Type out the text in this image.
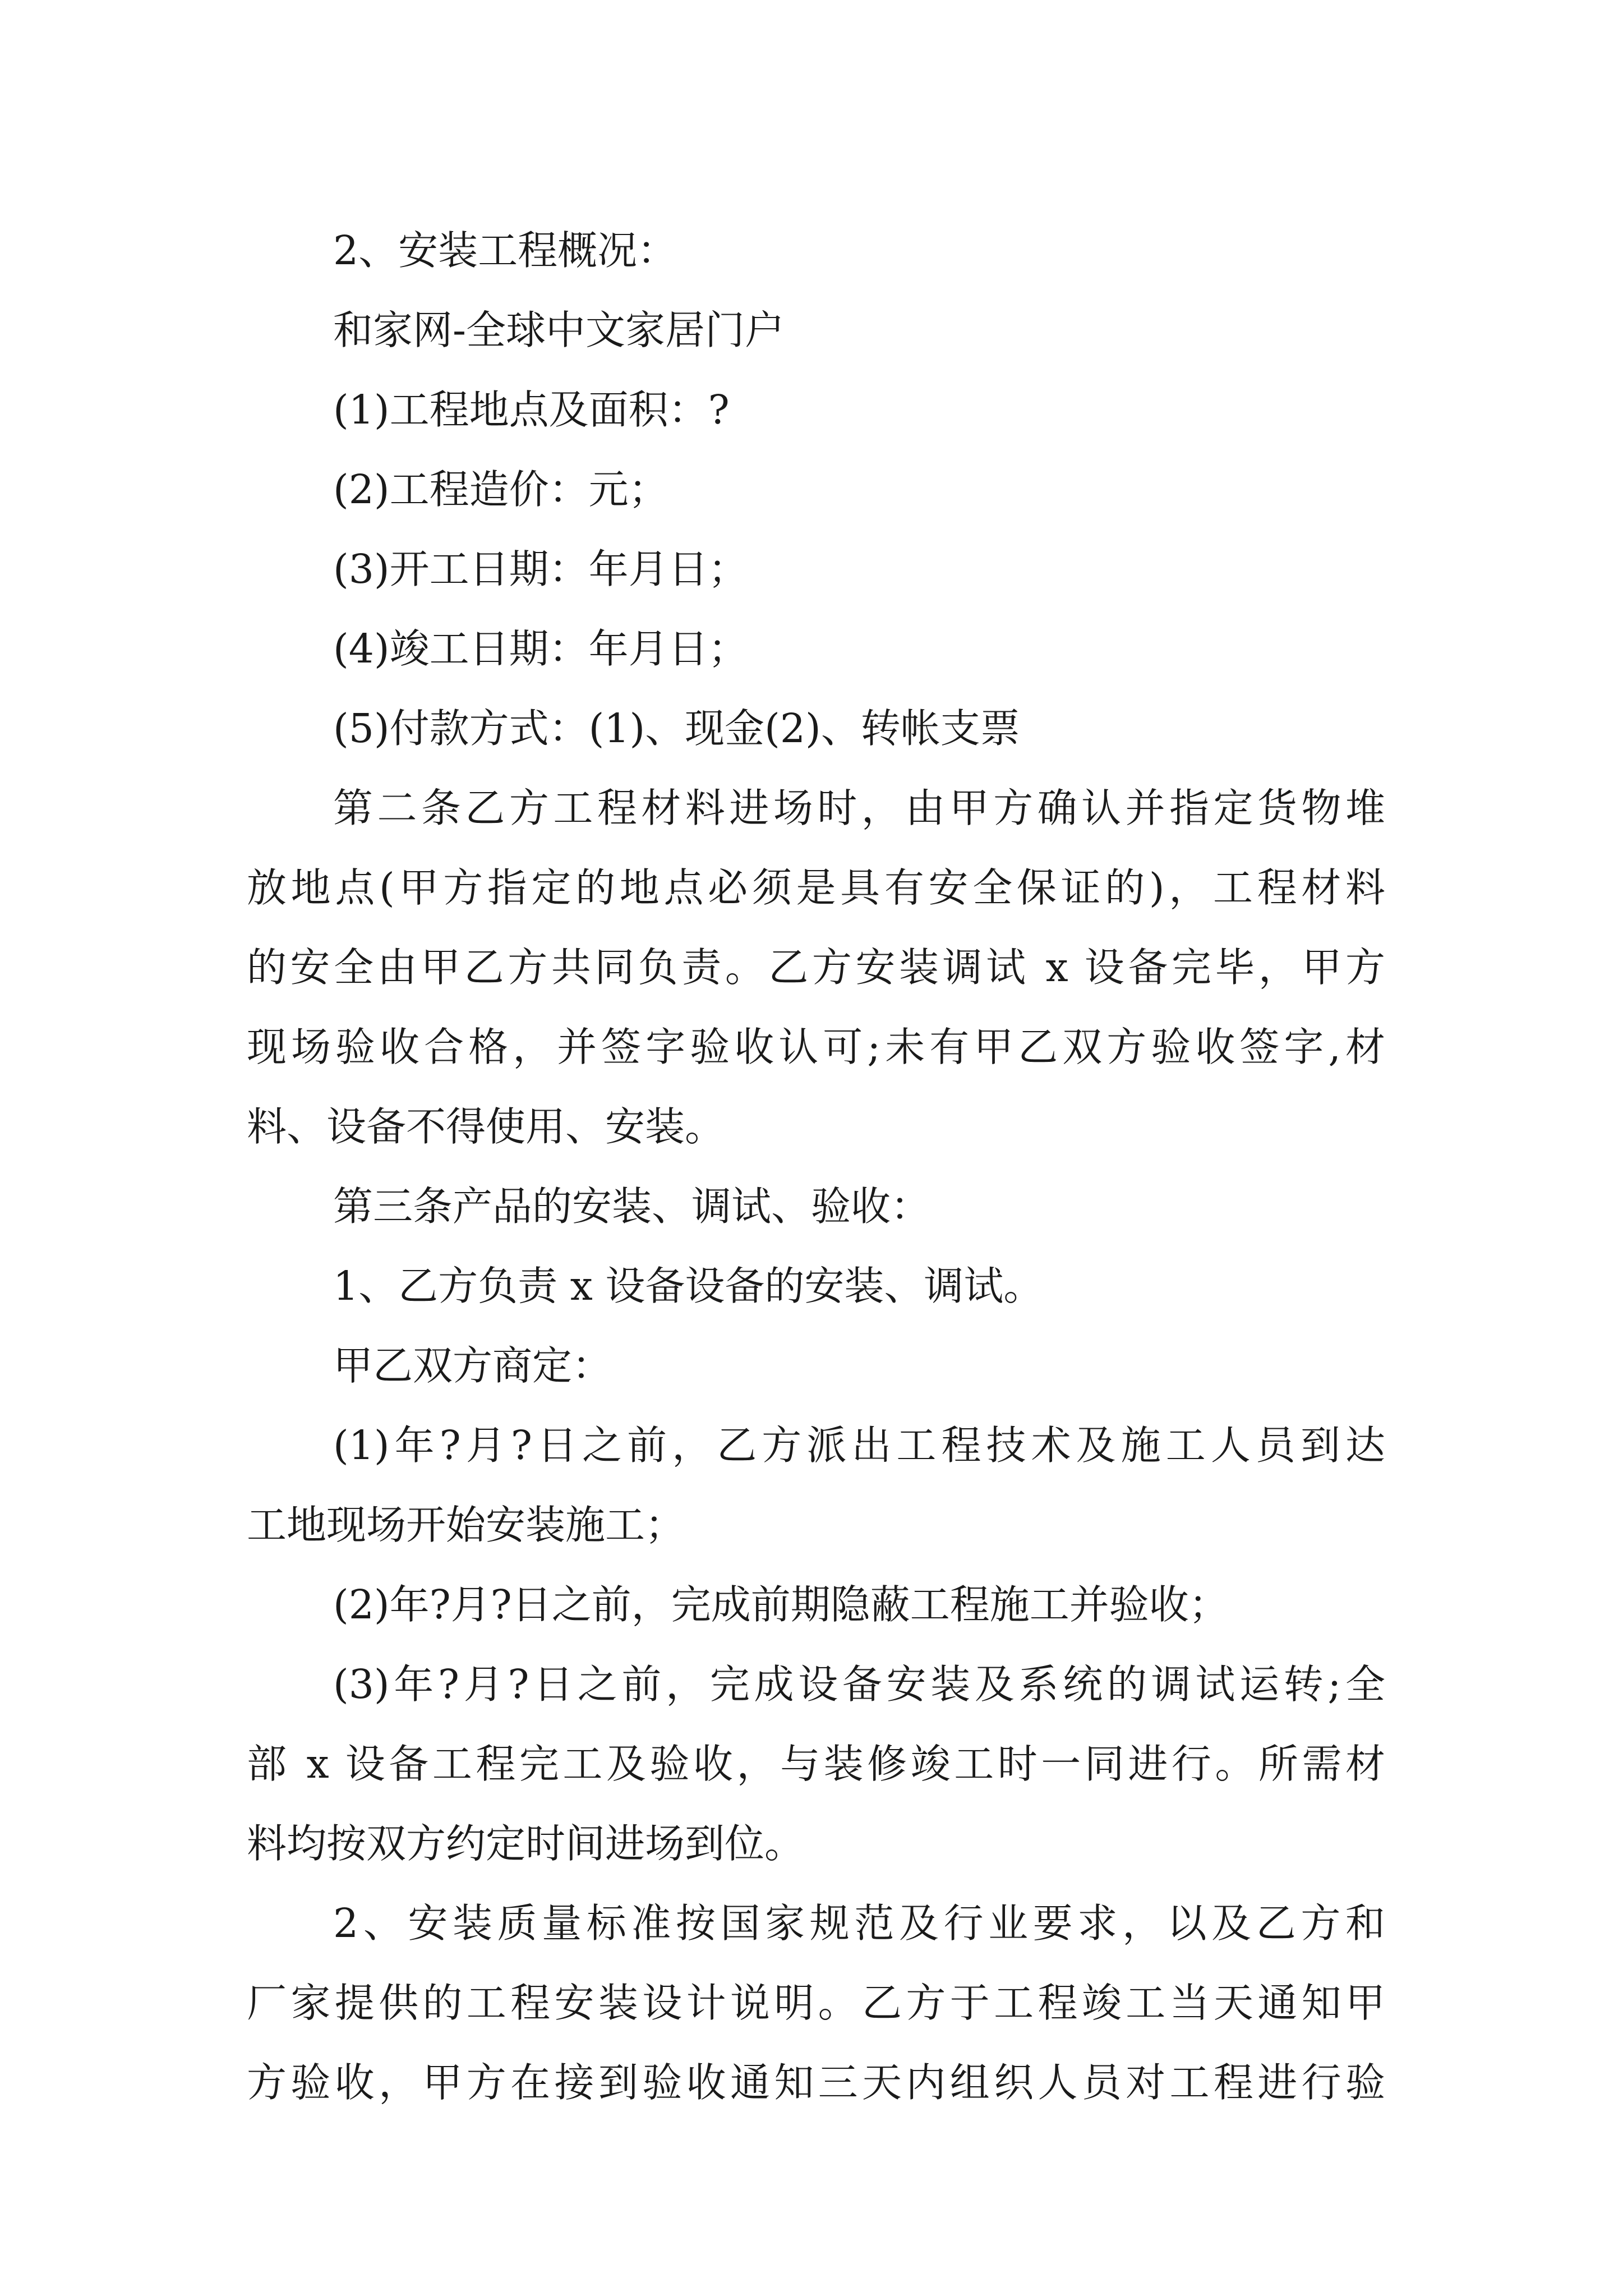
2、安装工程概况：
和家网-全球中文家居门户
(1)工程地点及面积：?
(2)工程造价：元；
(3)开工日期：年月日；
(4)竣工日期：年月日；
(5)付款方式：(1)、现金(2)、转帐支票
第二条乙方工程材料进场时，由甲方确认并指定货物堆
放地点(甲方指定的地点必须是具有安全保证的)，工程材料
的安全由甲乙方共同负责。乙方安装调试 x 设备完毕，甲方
现场验收合格，并签字验收认可;未有甲乙双方验收签字,材
料、设备不得使用、安装。
第三条产品的安装、调试、验收：
1、乙方负责 x 设备设备的安装、调试。
甲乙双方商定：
(1)年?月?日之前，乙方派出工程技术及施工人员到达
工地现场开始安装施工；
(2)年?月?日之前，完成前期隐蔽工程施工并验收；
(3)年?月?日之前，完成设备安装及系统的调试运转;全
部 x 设备工程完工及验收，与装修竣工时一同进行。所需材
料均按双方约定时间进场到位。
2、安装质量标准按国家规范及行业要求，以及乙方和
厂家提供的工程安装设计说明。乙方于工程竣工当天通知甲
方验收，甲方在接到验收通知三天内组织人员对工程进行验
